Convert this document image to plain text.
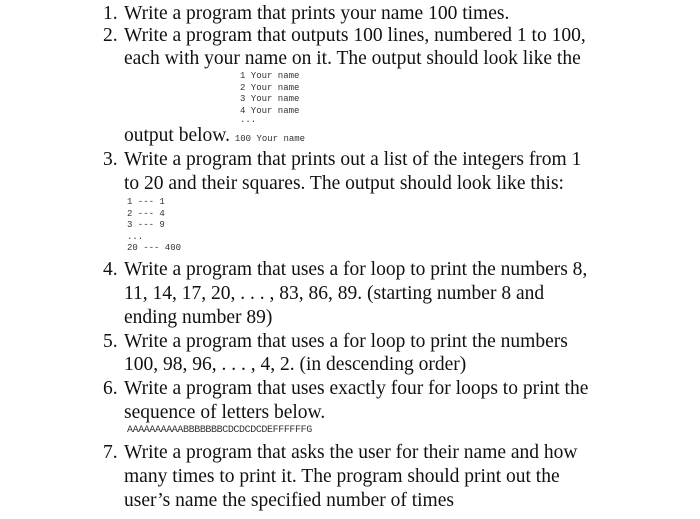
1. Write a program that prints your name 100 times.
2. Write a program that outputs 100 lines, numbered 1 to 100,
each with your name on it. The output should look like the
1 Your name
2 Your name
3 Your name
4 Your name
...
output below. 100 Your name
3. Write a program that prints out a list of the integers from 1
to 20 and their squares. The output should look like this:
1 --- 1
2 --- 4
3 --- 9
...
20 --- 400
4. Write a program that uses a for loop to print the numbers 8,
11, 14, 17, 20, . . . , 83, 86, 89. (starting number 8 and
ending number 89)
5. Write a program that uses a for loop to print the numbers
100, 98, 96, . . . , 4, 2. (in descending order)
6. Write a program that uses exactly four for loops to print the
sequence of letters below.
AAAAAAAAAABBBBBBBCDCDCDCDEFFFFFFG
7. Write a program that asks the user for their name and how
many times to print it. The program should print out the
user’s name the specified number of times
